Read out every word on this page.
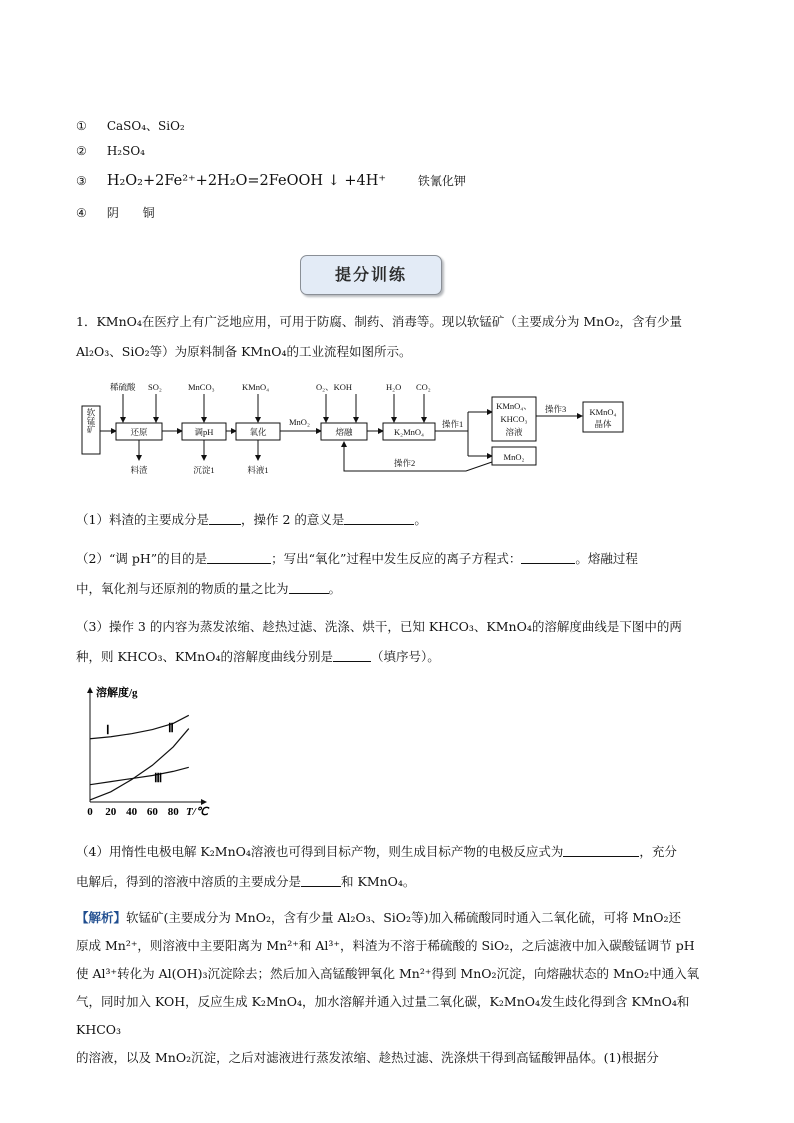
① CaSO₄、SiO₂
② H₂SO₄
③ H₂O₂+2Fe²⁺+2H₂O=2FeOOH ↓ +4H⁺	铁氰化钾
④ 阴 铜
提分训练
1．KMnO₄在医疗上有广泛地应用，可用于防腐、制药、消毒等。现以软锰矿（主要成分为 MnO₂，含有少量
Al₂O₃、SiO₂等）为原料制备 KMnO₄的工业流程如图所示。
软锰矿
稀硫酸 SO₂
还原
料渣
MnCO₃
调pH
沉淀1
KMnO₄
氧化
料液1
MnO₂
O₂、KOH
熔融
H₂O CO₂
K₂MnO₄
操作1
KMnO₄、
KHCO₃
溶液
MnO₂
操作2
操作3	KMnO₄
晶体
（1）料渣的主要成分是	，操作 2 的意义是	。
（2）“调 pH”的目的是	；写出“氧化”过程中发生反应的离子方程式：	。熔融过程
中，氧化剂与还原剂的物质的量之比为	。
（3）操作 3 的内容为蒸发浓缩、趁热过滤、洗涤、烘干，已知 KHCO₃、KMnO₄的溶解度曲线是下图中的两
种，则 KHCO₃、KMnO₄的溶解度曲线分别是	（填序号）。
溶解度/g
Ⅰ	Ⅱ
Ⅲ
0 20 40 60 80 T/℃
（4）用惰性电极电解 K₂MnO₄溶液也可得到目标产物，则生成目标产物的电极反应式为	，充分
电解后，得到的溶液中溶质的主要成分是	和 KMnO₄。
【解析】软锰矿(主要成分为 MnO₂，含有少量 Al₂O₃、SiO₂等)加入稀硫酸同时通入二氧化硫，可将 MnO₂还
原成 Mn²⁺，则溶液中主要阳离为 Mn²⁺和 Al³⁺，料渣为不溶于稀硫酸的 SiO₂，之后滤液中加入碳酸锰调节 pH
使 Al³⁺转化为 Al(OH)₃沉淀除去；然后加入高锰酸钾氧化 Mn²⁺得到 MnO₂沉淀，向熔融状态的 MnO₂中通入氧
气，同时加入 KOH，反应生成 K₂MnO₄，加水溶解并通入过量二氧化碳，K₂MnO₄发生歧化得到含 KMnO₄和 KHCO₃
的溶液，以及 MnO₂沉淀，之后对滤液进行蒸发浓缩、趁热过滤、洗涤烘干得到高锰酸钾晶体。(1)根据分
